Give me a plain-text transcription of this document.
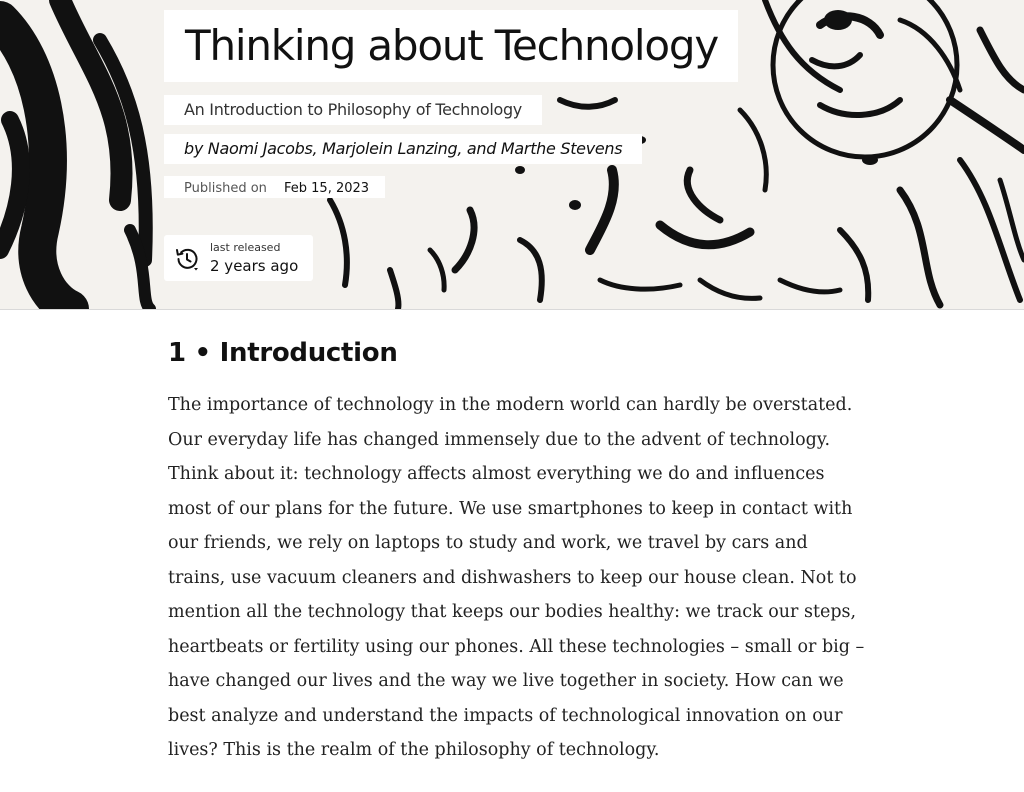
Thinking about Technology
An Introduction to Philosophy of Technology
by Naomi Jacobs, Marjolein Lanzing, and Marthe Stevens
Published on Feb 15, 2023
last released
2 years ago
1 • Introduction

The importance of technology in the modern world can hardly be overstated. Our everyday life has changed immensely due to the advent of technology. Think about it: technology affects almost everything we do and influences most of our plans for the future. We use smartphones to keep in contact with our friends, we rely on laptops to study and work, we travel by cars and trains, use vacuum cleaners and dishwashers to keep our house clean. Not to mention all the technology that keeps our bodies healthy: we track our steps, heartbeats or fertility using our phones. All these technologies – small or big – have changed our lives and the way we live together in society. How can we best analyze and understand the impacts of technological innovation on our lives? This is the realm of the philosophy of technology.
